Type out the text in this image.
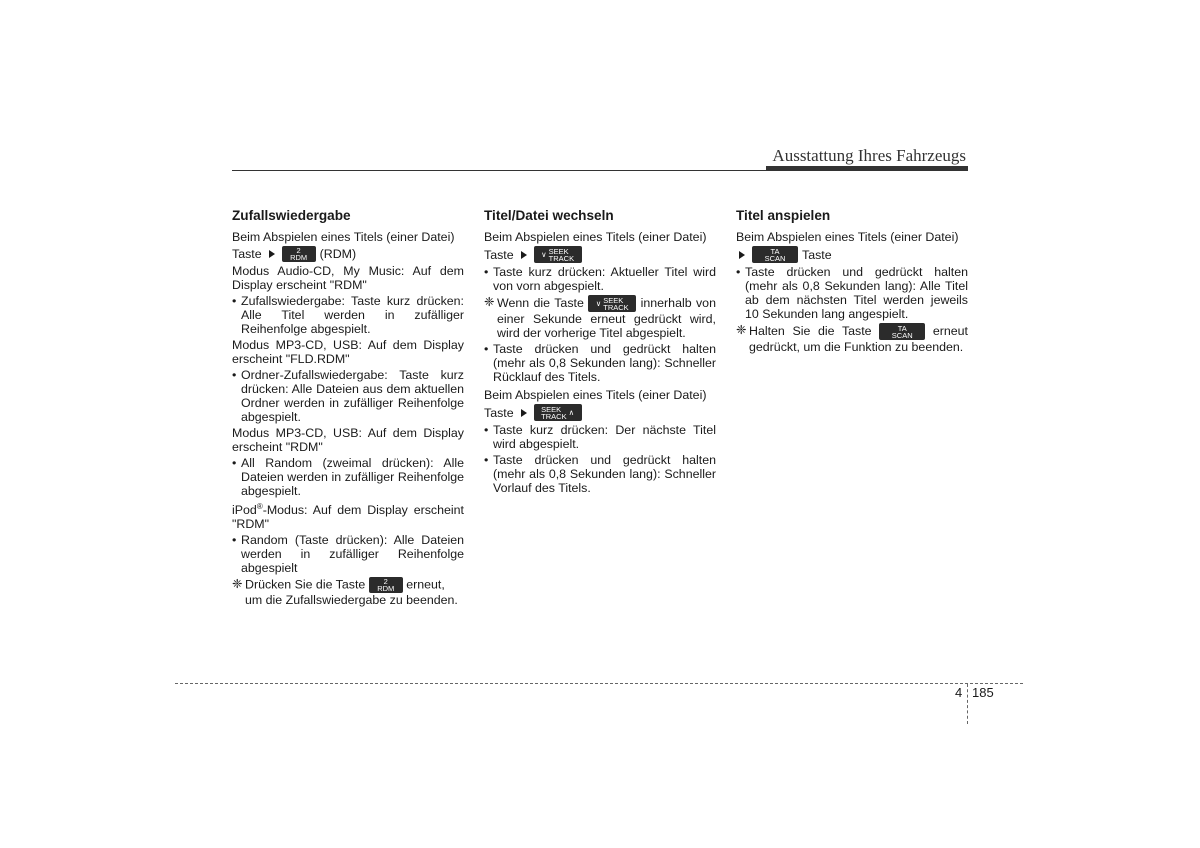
Ausstattung Ihres Fahrzeugs
Zufallswiedergabe
Beim Abspielen eines Titels (einer Datei)
Taste	2
RDM (RDM)
Modus Audio-CD, My Music: Auf dem Display erscheint "RDM"
• Zufallswiedergabe: Taste kurz drücken: Alle Titel werden in zufälliger Reihenfolge abgespielt.
Modus MP3-CD, USB: Auf dem Display erscheint "FLD.RDM"
• Ordner-Zufallswiedergabe: Taste kurz drücken: Alle Dateien aus dem aktuellen Ordner werden in zufälliger Reihenfolge abgespielt.
Modus MP3-CD, USB: Auf dem Display erscheint "RDM"
• All Random (zweimal drücken): Alle Dateien werden in zufälliger Reihenfolge abgespielt.
iPod®-Modus: Auf dem Display erscheint "RDM"
• Random (Taste drücken): Alle Dateien werden in zufälliger Reihenfolge abgespielt
❈ Drücken Sie die Taste 2
RDM erneut,
um die Zufallswiedergabe zu beenden.
Titel/Datei wechseln
Beim Abspielen eines Titels (einer Datei)
Taste	∨ SEEK
TRACK
• Taste kurz drücken: Aktueller Titel wird von vorn abgespielt.
❈ Wenn die Taste ∨ SEEK
TRACK innerhalb von einer Sekunde erneut gedrückt wird, wird der vorherige Titel abgespielt.
• Taste drücken und gedrückt halten (mehr als 0,8 Sekunden lang): Schneller Rücklauf des Titels.
Beim Abspielen eines Titels (einer Datei)
Taste	SEEK
TRACK ∧
• Taste kurz drücken: Der nächste Titel wird abgespielt.
• Taste drücken und gedrückt halten (mehr als 0,8 Sekunden lang): Schneller Vorlauf des Titels.
Titel anspielen
Beim Abspielen eines Titels (einer Datei)
TA
SCAN Taste
• Taste drücken und gedrückt halten (mehr als 0,8 Sekunden lang): Alle Titel ab dem nächsten Titel werden jeweils 10 Sekunden lang angespielt.
❈ Halten Sie die Taste	TA
SCAN erneut gedrückt, um die Funktion zu beenden.
4 185
